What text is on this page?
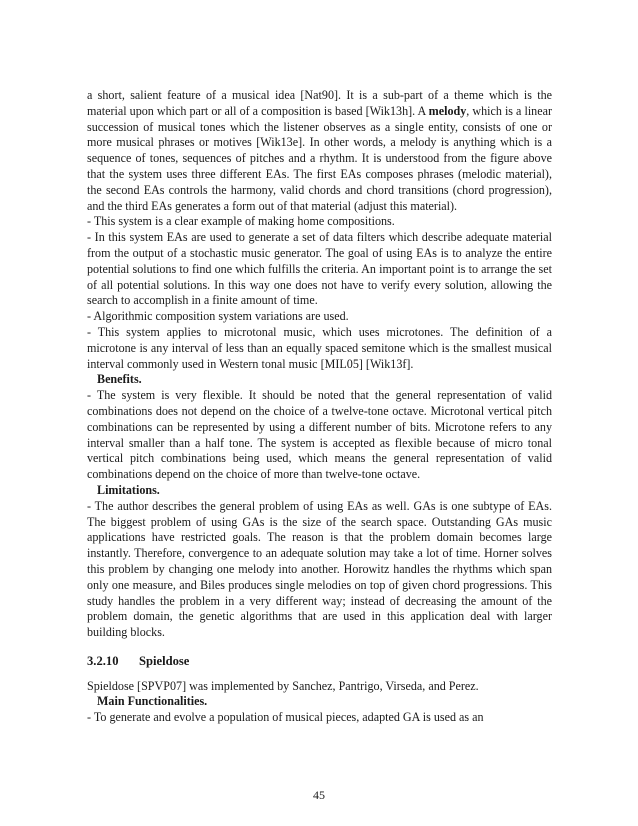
a short, salient feature of a musical idea [Nat90]. It is a sub-part of a theme which is the material upon which part or all of a composition is based [Wik13h]. A melody, which is a linear succession of musical tones which the listener observes as a single entity, consists of one or more musical phrases or motives [Wik13e]. In other words, a melody is anything which is a sequence of tones, sequences of pitches and a rhythm. It is understood from the figure above that the system uses three different EAs. The first EAs composes phrases (melodic material), the second EAs controls the harmony, valid chords and chord transitions (chord progression), and the third EAs generates a form out of that material (adjust this material).

- This system is a clear example of making home compositions.

- In this system EAs are used to generate a set of data filters which describe adequate material from the output of a stochastic music generator. The goal of using EAs is to analyze the entire potential solutions to find one which fulfills the criteria. An important point is to arrange the set of all potential solutions. In this way one does not have to verify every solution, allowing the search to accomplish in a finite amount of time.

- Algorithmic composition system variations are used.

- This system applies to microtonal music, which uses microtones. The definition of a microtone is any interval of less than an equally spaced semitone which is the smallest musical interval commonly used in Western tonal music [MIL05] [Wik13f].

Benefits.

- The system is very flexible. It should be noted that the general representation of valid combinations does not depend on the choice of a twelve-tone octave. Microtonal vertical pitch combinations can be represented by using a different number of bits. Microtone refers to any interval smaller than a half tone. The system is accepted as flexible because of micro tonal vertical pitch combinations being used, which means the general representation of valid combinations depend on the choice of more than twelve-tone octave.

Limitations.

- The author describes the general problem of using EAs as well. GAs is one subtype of EAs. The biggest problem of using GAs is the size of the search space. Outstanding GAs music applications have restricted goals. The reason is that the problem domain becomes large instantly. Therefore, convergence to an adequate solution may take a lot of time. Horner solves this problem by changing one melody into another. Horowitz handles the rhythms which span only one measure, and Biles produces single melodies on top of given chord progressions. This study handles the problem in a very different way; instead of decreasing the amount of the problem domain, the genetic algorithms that are used in this application deal with larger building blocks.

3.2.10 Spieldose

Spieldose [SPVP07] was implemented by Sanchez, Pantrigo, Virseda, and Perez.

Main Functionalities.

- To generate and evolve a population of musical pieces, adapted GA is used as an

45
